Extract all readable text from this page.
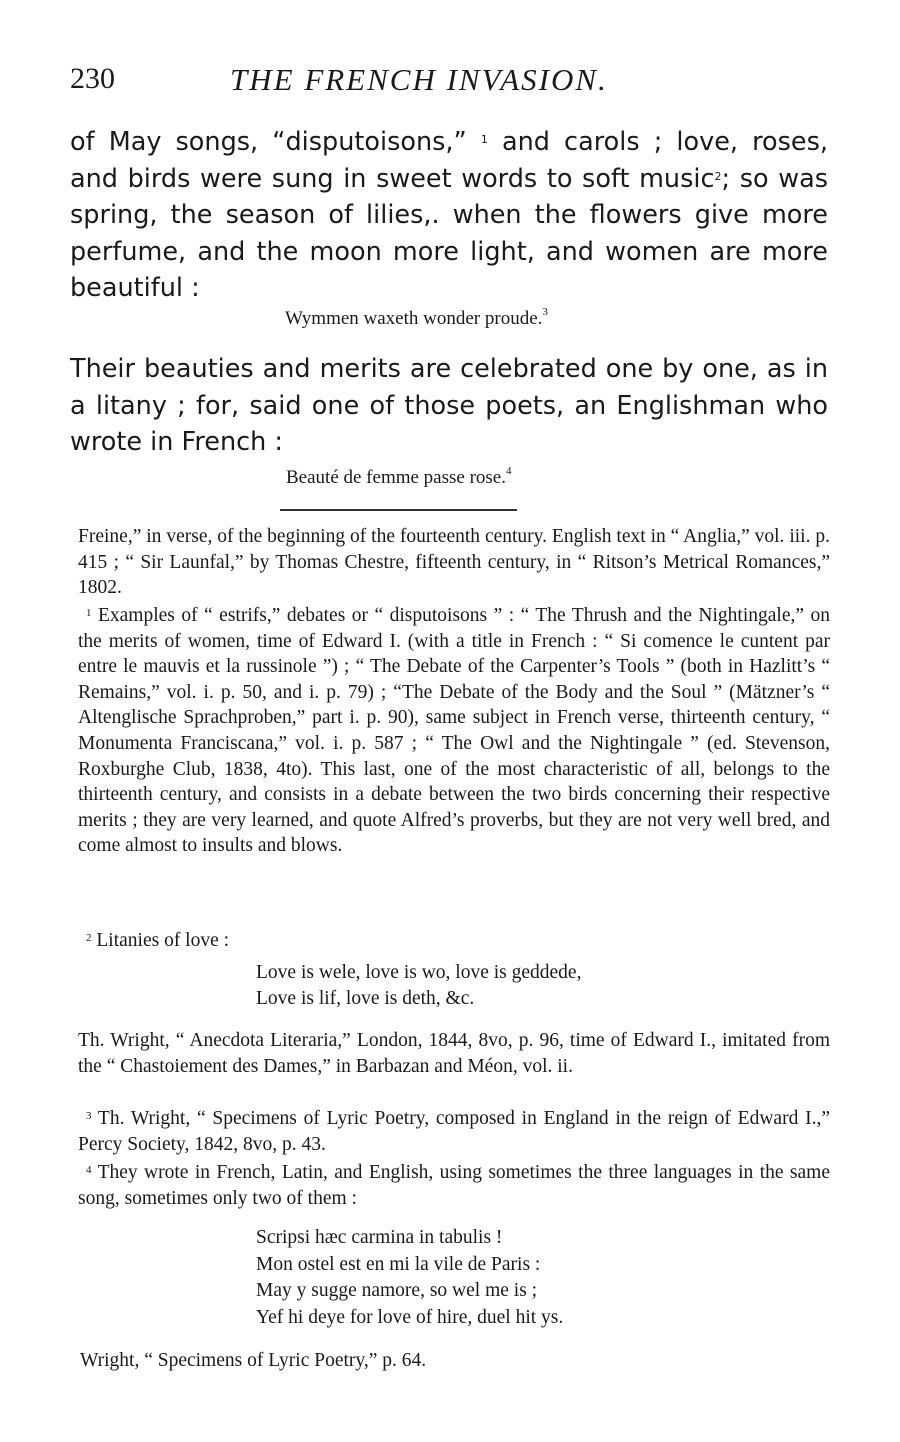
230	THE FRENCH INVASION.
of May songs, “disputoisons,” $^1$ and carols ; love, roses, and birds were sung in sweet words to soft music$^2$; so was spring, the season of lilies,. when the flowers give more perfume, and the moon more light, and women are more beautiful :
Wymmen waxeth wonder proude.$^3$
Their beauties and merits are celebrated one by one, as in a litany ; for, said one of those poets, an Englishman who wrote in French :
Beauté de femme passe rose.$^4$
Freine,” in verse, of the beginning of the fourteenth century. English text in “ Anglia,” vol. iii. p. 415 ; “ Sir Launfal,” by Thomas Chestre, fifteenth century, in “ Ritson’s Metrical Romances,” 1802.

$^1$ Examples of “ estrifs,” debates or “ disputoisons ” : “ The Thrush and the Nightingale,” on the merits of women, time of Edward I. (with a title in French : “ Si comence le cuntent par entre le mauvis et la russinole ”) ; “ The Debate of the Carpenter’s Tools ” (both in Hazlitt’s “ Remains,” vol. i. p. 50, and i. p. 79) ; “The Debate of the Body and the Soul ” (Mätzner’s “ Altenglische Sprachproben,” part i. p. 90), same subject in French verse, thirteenth century, “ Monumenta Franciscana,” vol. i. p. 587 ; “ The Owl and the Nightingale ” (ed. Stevenson, Roxburghe Club, 1838, 4to). This last, one of the most characteristic of all, belongs to the thirteenth century, and consists in a debate between the two birds concerning their respective merits ; they are very learned, and quote Alfred’s proverbs, but they are not very well bred, and come almost to insults and blows.

$^2$ Litanies of love :

Love is wele, love is wo, love is geddede,
Love is lif, love is deth, &c.
Th. Wright, “ Anecdota Literaria,” London, 1844, 8vo, p. 96, time of Edward I., imitated from the “ Chastoiement des Dames,” in Barbazan and Méon, vol. ii.

$^3$ Th. Wright, “ Specimens of Lyric Poetry, composed in England in the reign of Edward I.,” Percy Society, 1842, 8vo, p. 43.

$^4$ They wrote in French, Latin, and English, using sometimes the three languages in the same song, sometimes only two of them :

Scripsi hæc carmina in tabulis !
Mon ostel est en mi la vile de Paris :
May y sugge namore, so wel me is ;
Yef hi deye for love of hire, duel hit ys.
Wright, “ Specimens of Lyric Poetry,” p. 64.
